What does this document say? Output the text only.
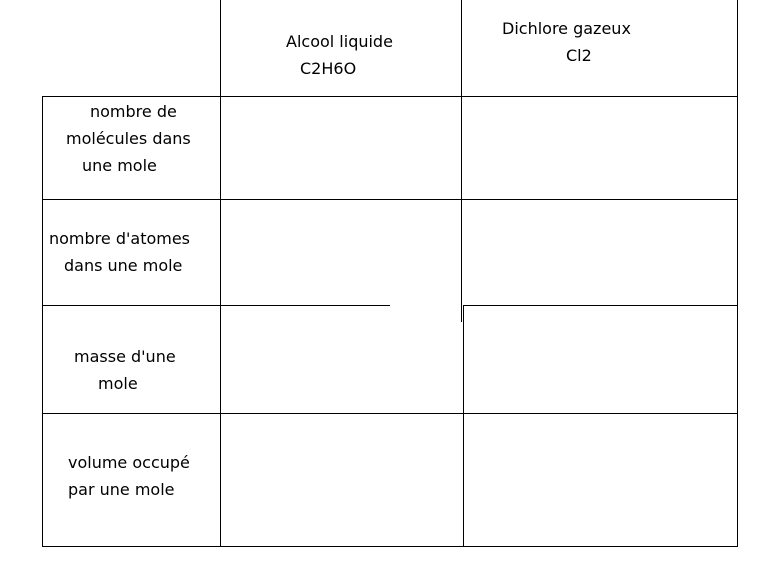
Alcool liquide
C2H6O
Dichlore gazeux
Cl2
nombre de
molécules dans
une mole
nombre d'atomes
dans une mole
masse d'une
mole
volume occupé
par une mole
